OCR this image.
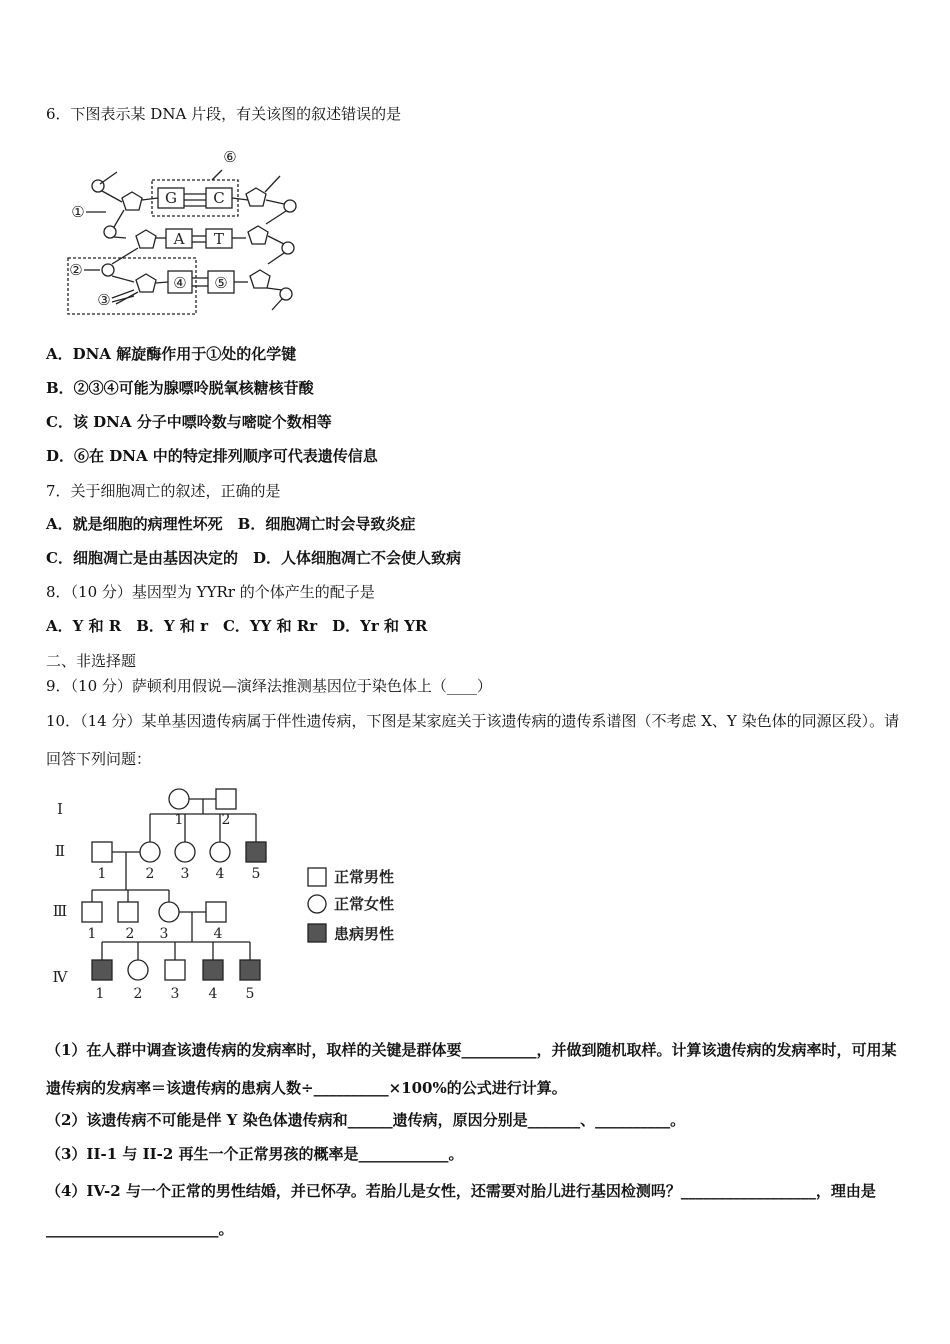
6．下图表示某 DNA 片段，有关该图的叙述错误的是
①
②
③
④ ⑤
⑥
G C
A T
A．DNA 解旋酶作用于①处的化学键
B．②③④可能为腺嘌呤脱氧核糖核苷酸
C．该 DNA 分子中嘌呤数与嘧啶个数相等
D．⑥在 DNA 中的特定排列顺序可代表遗传信息
7．关于细胞凋亡的叙述，正确的是
A．就是细胞的病理性坏死　B．细胞凋亡时会导致炎症
C．细胞凋亡是由基因决定的　D．人体细胞凋亡不会使人致病
8．（10 分）基因型为 YYRr 的个体产生的配子是
A．Y 和 R　B．Y 和 r　C．YY 和 Rr　D．Yr 和 YR
二、非选择题
9．（10 分）萨顿利用假说—演绎法推测基因位于染色体上（____）
10．（14 分）某单基因遗传病属于伴性遗传病，下图是某家庭关于该遗传病的遗传系谱图（不考虑 X、Y 染色体的同源区段）。请回答下列问题：
Ⅰ
Ⅱ
Ⅲ
Ⅳ
1	2
1	2 3 4 5
1 2 3	4
1 2 3 4 5
正常男性
正常女性
患病男性
（1）在人群中调查该遗传病的发病率时，取样的关键是群体要__________，并做到随机取样。计算该遗传病的发病率时，可用某遗传病的发病率＝该遗传病的患病人数÷__________×100%的公式进行计算。
（2）该遗传病不可能是伴 Y 染色体遗传病和______遗传病，原因分别是_______、__________。
（3）II-1 与 II-2 再生一个正常男孩的概率是____________。
（4）IV-2 与一个正常的男性结婚，并已怀孕。若胎儿是女性，还需要对胎儿进行基因检测吗？__________________，理由是_______________________。
